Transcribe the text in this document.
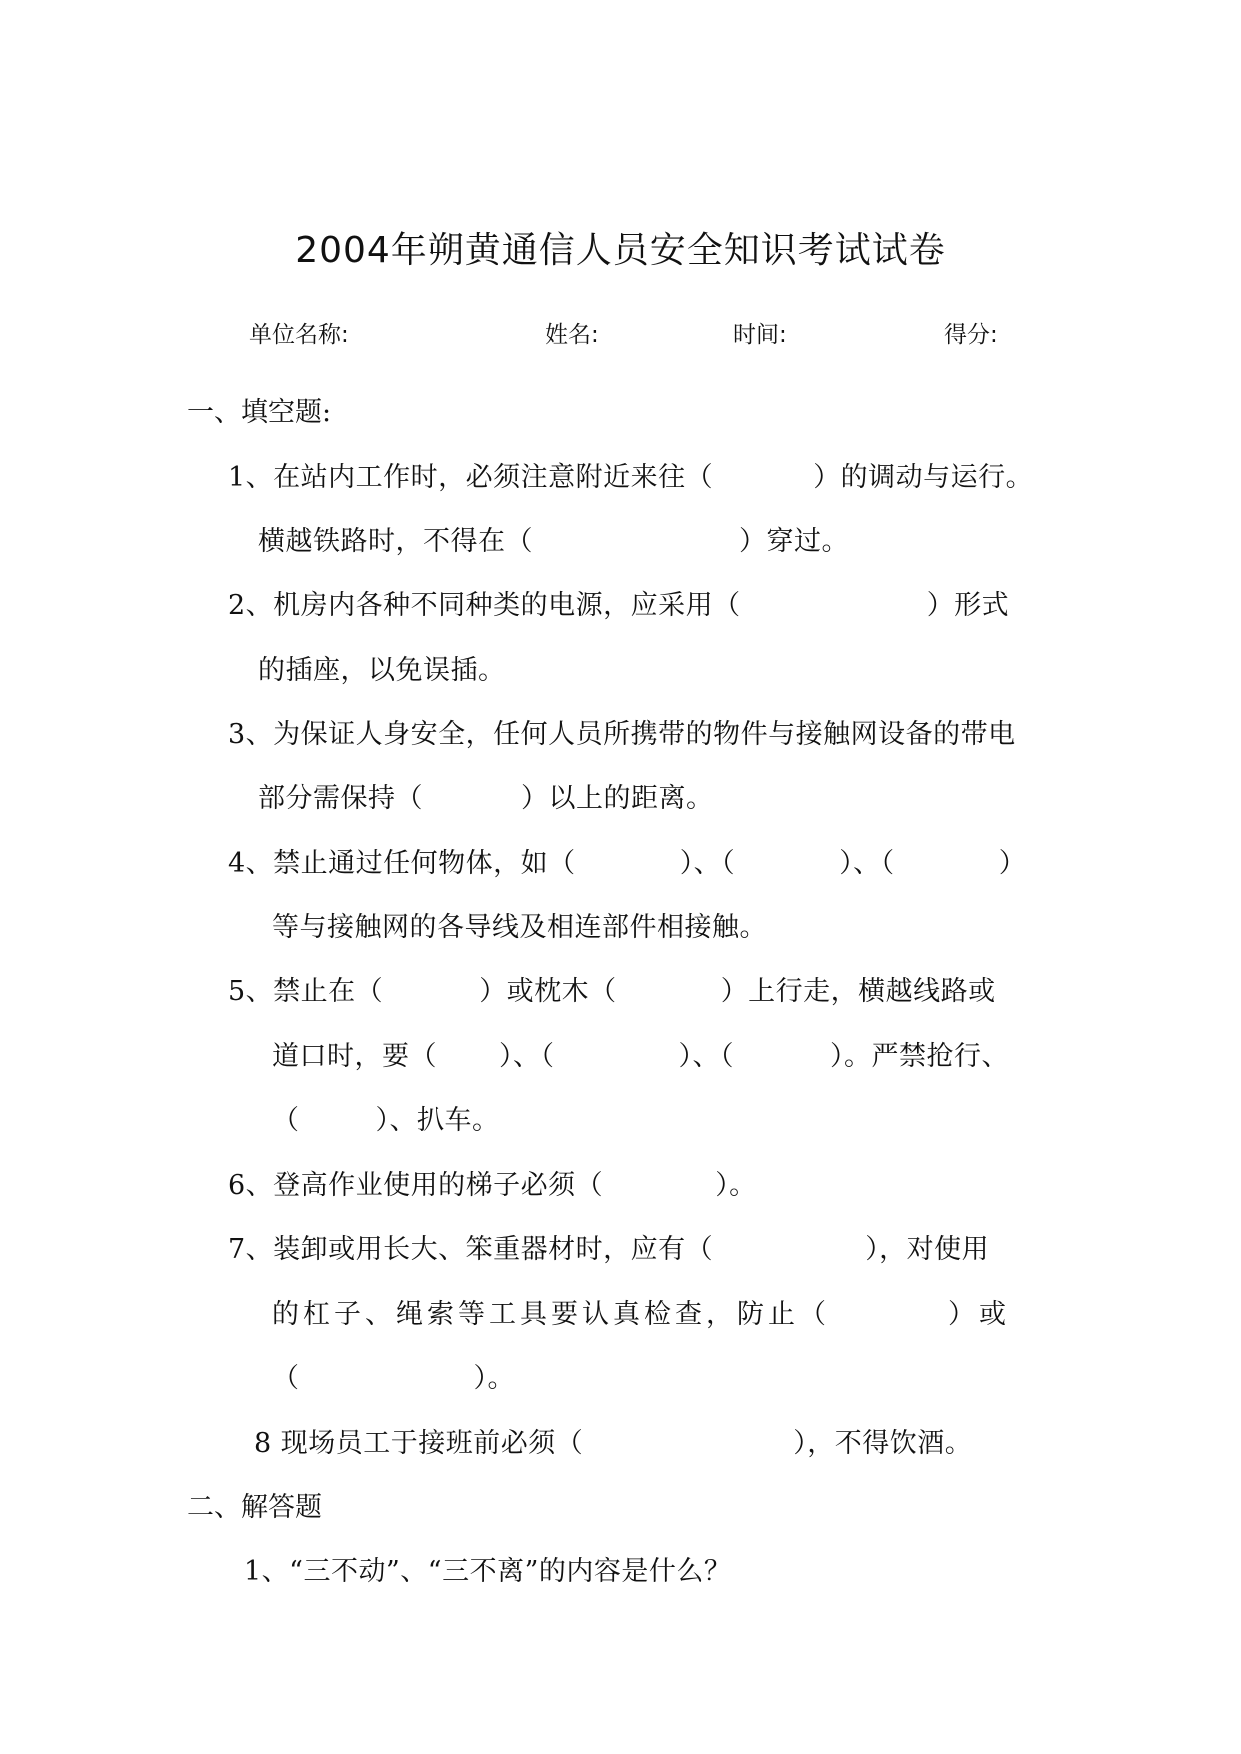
2004年朔黄通信人员安全知识考试试卷
单位名称:	姓名:	时间:	得分:
一、填空题:
1、在站内工作时，必须注意附近来往（	）的调动与运行。
横越铁路时，不得在（	）穿过。
2、机房内各种不同种类的电源，应采用（	）形式
的插座，以免误插。
3、为保证人身安全，任何人员所携带的物件与接触网设备的带电
部分需保持（	）以上的距离。
4、禁止通过任何物体，如（	）、（	）、（	）
等与接触网的各导线及相连部件相接触。
5、禁止在（	）或枕木（	）上行走，横越线路或
道口时，要（ ）、（	）、（	）。严禁抢行、
（	）、扒车。
6、登高作业使用的梯子必须（	）。
7、装卸或用长大、笨重器材时，应有（	），对使用
的杠子、绳索等工具要认真检查，防止（	）或
（	）。
8 现场员工于接班前必须（	），不得饮酒。
二、解答题
1、“三不动”、“三不离”的内容是什么？
